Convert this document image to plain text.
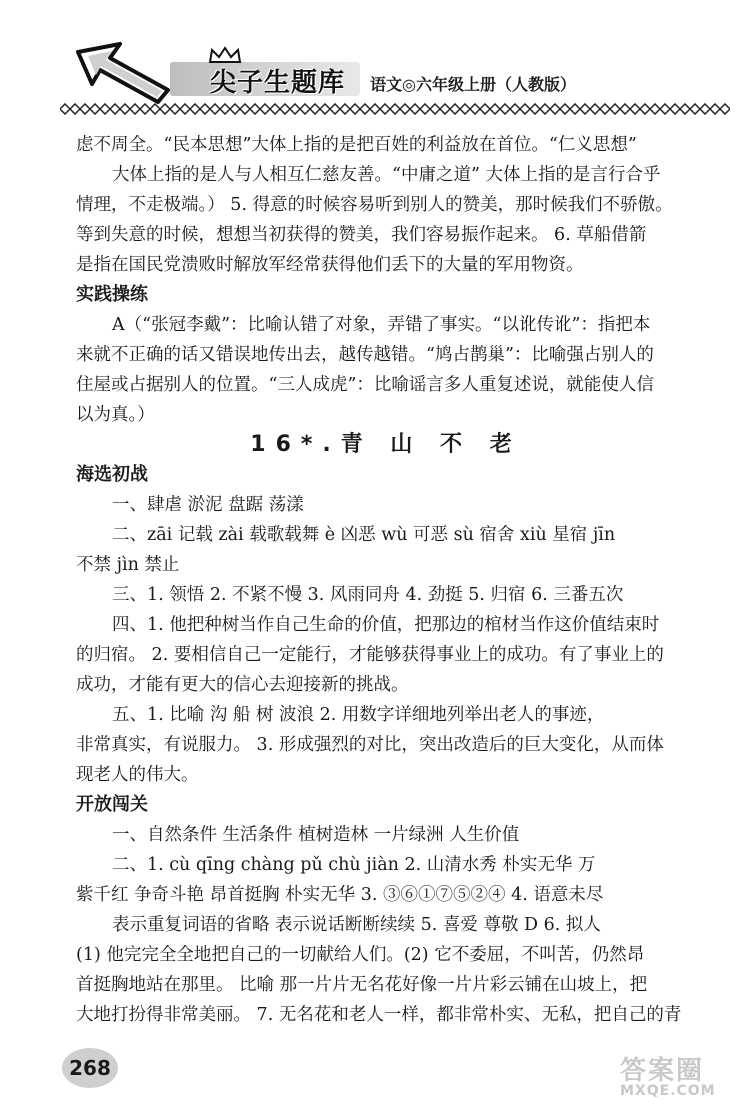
尖子生题库 语文◎六年级上册（人教版）

虑不周全。“民本思想”大体上指的是把百姓的利益放在首位。“仁义思想”

大体上指的是人与人相互仁慈友善。“中庸之道” 大体上指的是言行合乎

情理，不走极端。） 5. 得意的时候容易听到别人的赞美，那时候我们不骄傲。

等到失意的时候，想想当初获得的赞美，我们容易振作起来。 6. 草船借箭

是指在国民党溃败时解放军经常获得他们丢下的大量的军用物资。

实践操练

A（“张冠李戴”：比喻认错了对象，弄错了事实。“以讹传讹”：指把本

来就不正确的话又错误地传出去，越传越错。“鸠占鹊巢”：比喻强占别人的

住屋或占据别人的位置。“三人成虎”：比喻谣言多人重复述说，就能使人信

以为真。）

16*.青 山 不 老

海选初战

一、肆虐 淤泥 盘踞 荡漾

二、zāi 记载 zài 载歌载舞 è 凶恶 wù 可恶 sù 宿舍 xiù 星宿 jīn

不禁 jìn 禁止

三、1. 领悟 2. 不紧不慢 3. 风雨同舟 4. 劲挺 5. 归宿 6. 三番五次

四、1. 他把种树当作自己生命的价值，把那边的棺材当作这价值结束时

的归宿。 2. 要相信自己一定能行，才能够获得事业上的成功。有了事业上的

成功，才能有更大的信心去迎接新的挑战。

五、1. 比喻 沟 船 树 波浪 2. 用数字详细地列举出老人的事迹，

非常真实，有说服力。 3. 形成强烈的对比，突出改造后的巨大变化，从而体

现老人的伟大。

开放闯关

一、自然条件 生活条件 植树造林 一片绿洲 人生价值

二、1. cù qīng chàng pǔ chù jiàn 2. 山清水秀 朴实无华 万

紫千红 争奇斗艳 昂首挺胸 朴实无华 3. ③⑥①⑦⑤②④ 4. 语意未尽

表示重复词语的省略 表示说话断断续续 5. 喜爱 尊敬 D 6. 拟人

(1) 他完完全全地把自己的一切献给人们。(2) 它不委屈，不叫苦，仍然昂

首挺胸地站在那里。 比喻 那一片片无名花好像一片片彩云铺在山坡上，把

大地打扮得非常美丽。 7. 无名花和老人一样，都非常朴实、无私，把自己的青

268	答案圈
MXQE.COM
